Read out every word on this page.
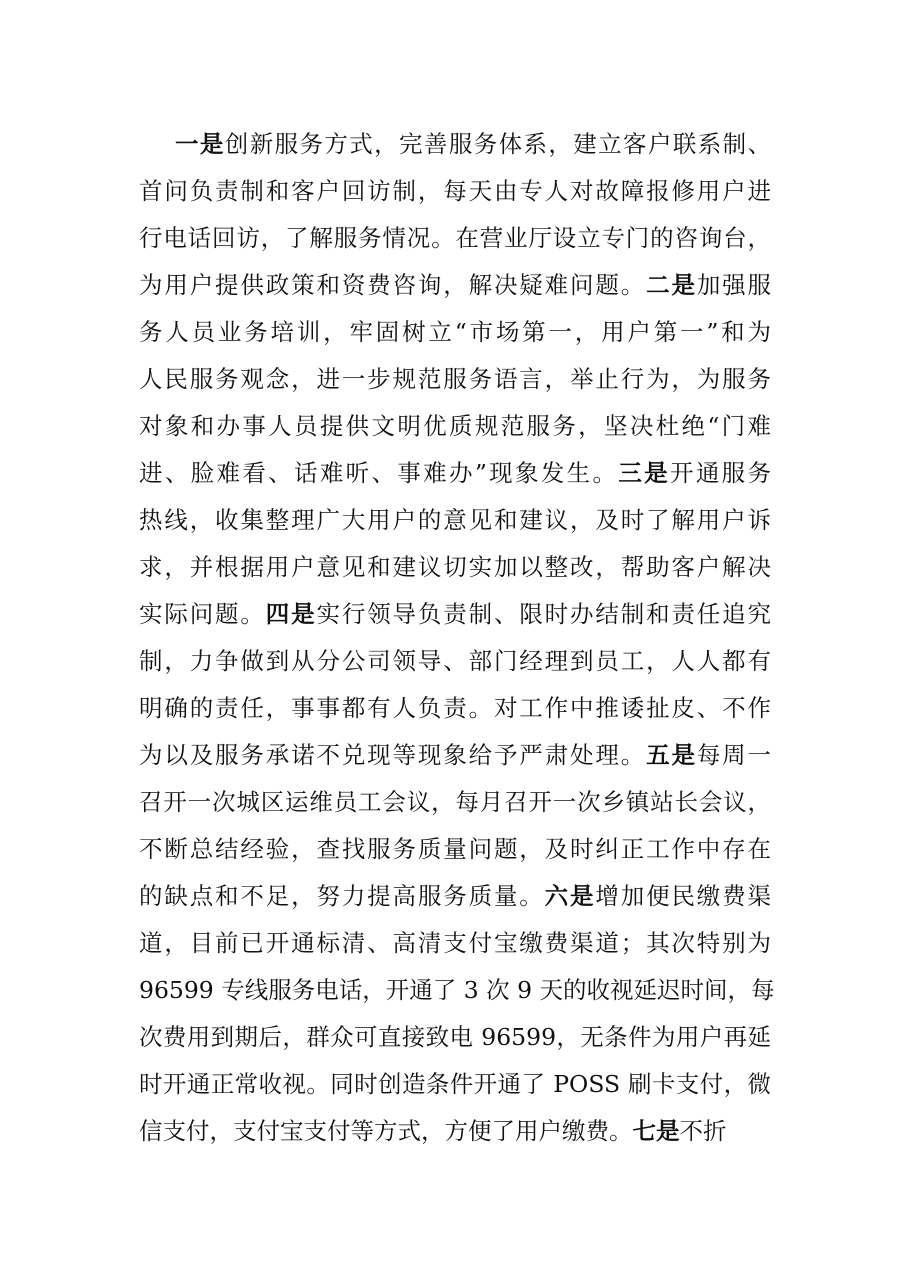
一是创新服务方式，完善服务体系，建立客户联系制、
首问负责制和客户回访制，每天由专人对故障报修用户进
行电话回访，了解服务情况。在营业厅设立专门的咨询台，
为用户提供政策和资费咨询，解决疑难问题。二是加强服
务人员业务培训，牢固树立“市场第一，用户第一”和为
人民服务观念，进一步规范服务语言，举止行为，为服务
对象和办事人员提供文明优质规范服务，坚决杜绝“门难
进、脸难看、话难听、事难办”现象发生。三是开通服务
热线，收集整理广大用户的意见和建议，及时了解用户诉
求，并根据用户意见和建议切实加以整改，帮助客户解决
实际问题。四是实行领导负责制、限时办结制和责任追究
制，力争做到从分公司领导、部门经理到员工，人人都有
明确的责任，事事都有人负责。对工作中推诿扯皮、不作
为以及服务承诺不兑现等现象给予严肃处理。五是每周一
召开一次城区运维员工会议，每月召开一次乡镇站长会议，
不断总结经验，查找服务质量问题，及时纠正工作中存在
的缺点和不足，努力提高服务质量。六是增加便民缴费渠
道，目前已开通标清、高清支付宝缴费渠道；其次特别为
96599 专线服务电话，开通了 3 次 9 天的收视延迟时间，每
次费用到期后，群众可直接致电 96599，无条件为用户再延
时开通正常收视。同时创造条件开通了 POSS 刷卡支付，微
信支付，支付宝支付等方式，方便了用户缴费。七是不折
